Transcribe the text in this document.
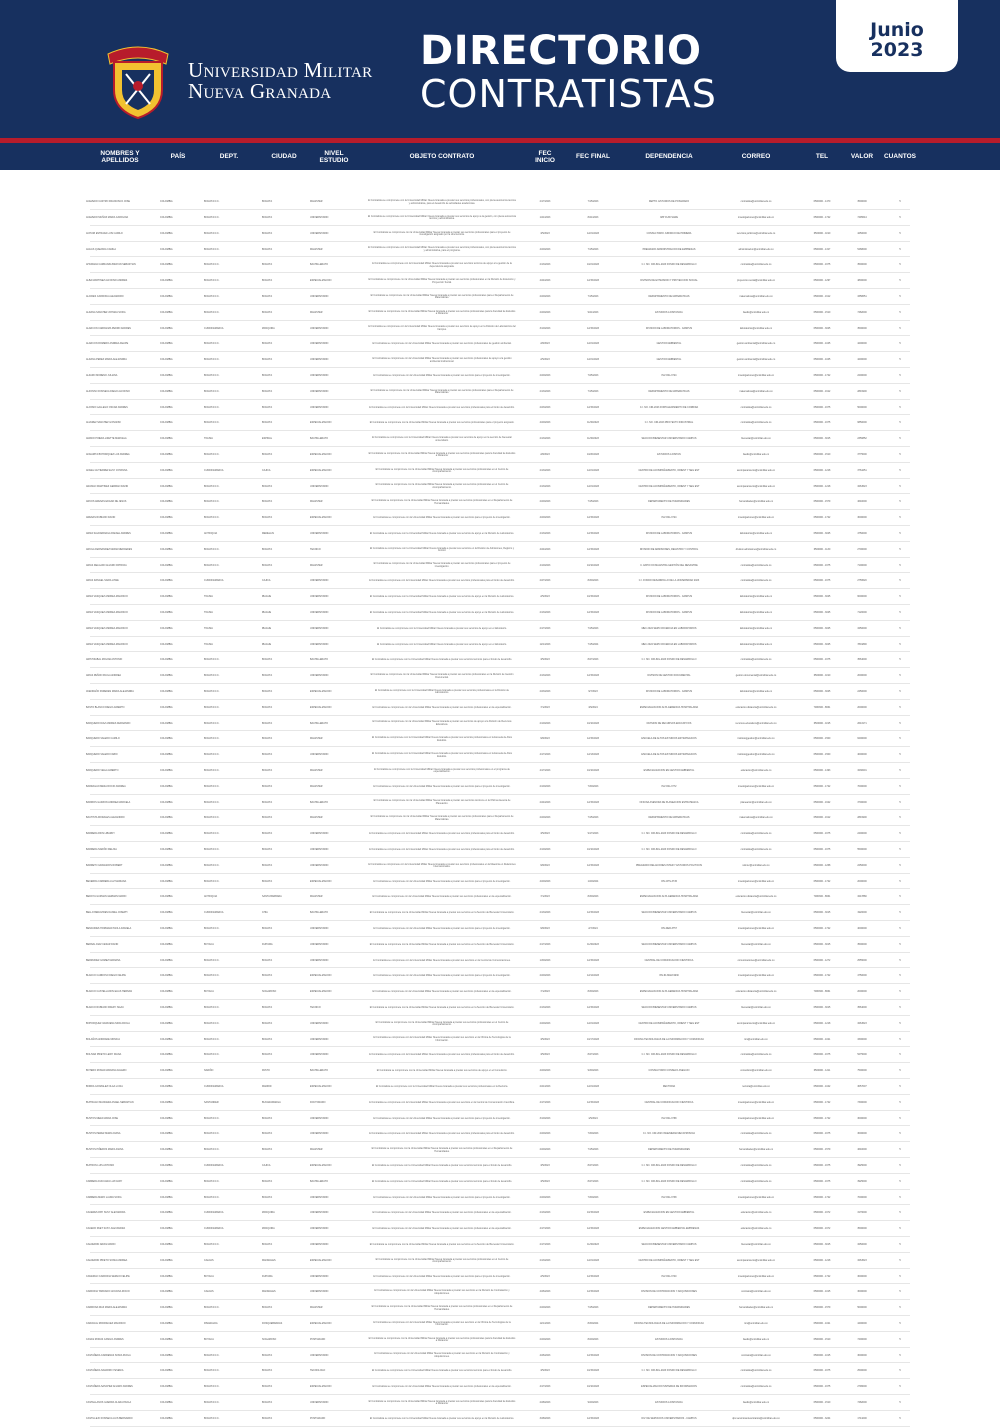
Universidad Militar
Nueva Granada
DIRECTORIO
CONTRATISTAS
Junio
2023
NOMBRES Y APELLIDOS	PAÍS	DEPT.	CIUDAD	NIVEL ESTUDIO	OBJETO CONTRATO	FEC INICIO	FEC FINAL	DEPENDENCIA	CORREO	TEL	VALOR	CUANTOS
ACEVEDO CASTRO FRANCISCO JOSE	COLOMBIA	BOGOTA D.C.	BOGOTA	MAGISTER	El Contratista se compromete con la Universidad Militar Nueva Granada a prestar sus servicios profesionales, con plena autonomía técnica y administrativa, para el desarrollo de actividades académicas.	2/17/2023	7/15/2023	DEPTO. ESTUDIOS DE POSGRADO	contratista@unimilitar.edu.co	6500000 - 1470	3500000	5
ACEVEDO MUÑOZ MARIA CAROLINA	COLOMBIA	BOGOTA D.C.	BOGOTA	UNIVERSITARIO	El Contratista se compromete con la Universidad Militar Nueva Granada a prestar sus servicios de apoyo a la gestión, con plena autonomía técnica y administrativa.	1/21/2023	8/21/2023	IMP CUID SARE	investigaciones@unimilitar.edu.co	6500000 - 1722	7495644	5
ACHURI ESTRADA LUIS CAMILO	COLOMBIA	BOGOTA D.C.	BOGOTA	UNIVERSITARIO	El Contratista se compromete con la Universidad Militar Nueva Granada a prestar sus servicios profesionales para el proyecto de investigación asignado por la vicerrectoría.	3/5/2023	12/21/2023	CONSULTORIO JURIDICO DE PRIMERA	servicios.juridicos@unimilitar.edu.co	6500000 - 1190	4250000	5
AGUAS QUEZADA CAMILA	COLOMBIA	BOGOTA D.C.	BOGOTA	MAGISTER	El Contratista se compromete con la Universidad Militar Nueva Granada a prestar sus servicios profesionales, con plena autonomía técnica y administrativa, para el programa.	4/20/2023	7/15/2023	PREGRADO ADMINISTRACION DE EMPRESAS	administracion@unimilitar.edu.co	6500000 - 1317	5468000	5
AHUMADA CARRANZA BRAYAN SEBASTIAN	COLOMBIA	BOGOTA D.C.	BOGOTA	BACHILLERATO	El Contratista se compromete con la Universidad Militar Nueva Granada a prestar sus servicios técnicos de apoyo a la gestión de la dependencia asignada.	2/13/2023	10/21/2023	C.I. NO. CIR-ING-2023 FONDO DE DESARROLLO	contratista@unimilitar.edu.co	6500000 - 1675	3500000	5
ALBA MARTINEZ ALFONSO ANDRES	COLOMBIA	BOGOTA D.C.	BOGOTA	ESPECIALIZACION	El Contratista se compromete con la Universidad Militar Nueva Granada a prestar sus servicios profesionales en la División de Extensión y Proyección Social.	4/24/2023	12/15/2023	DIVISION DE EXTENSION Y PROYECCION SOCIAL	proyeccion.social@unimilitar.edu.co	6500000 - 1297	4800000	5
ALCIDES CARDONA ALEJANDRO	COLOMBIA	BOGOTA D.C.	BOGOTA	UNIVERSITARIO	El Contratista se compromete con la Universidad Militar Nueva Granada a prestar sus servicios profesionales para el Departamento de Matemáticas.	2/20/2023	7/15/2023	DEPARTAMENTO DE MATEMATICAS	matematicas@unimilitar.edu.co	6500000 - 1612	3358651	5
ALDANA SANCHEZ JOHANA SOFIA	COLOMBIA	BOGOTA D.C.	BOGOTA	MAGISTER	El Contratista se compromete con la Universidad Militar Nueva Granada a prestar sus servicios profesionales para la Facultad de Estudios a Distancia.	2/20/2023	9/21/2023	ESTUDIOS A DISTANCIA	faedis@unimilitar.edu.co	6500000 - 1510	7482000	5
ALARCON CARRANZA PEDRO ANDRES	COLOMBIA	CUNDINAMARCA	ZIPAQUIRA	UNIVERSITARIO	El Contratista se compromete con la Universidad Militar Nueva Granada a prestar sus servicios de apoyo en la División de Laboratorios del Campus.	3/10/2023	12/15/2023	DIVISION DE LABORATORIOS - CAMPUS	laboratorios@unimilitar.edu.co	6500000 - 3025	3500000	5
ALARCON ROMERO ANDREA FELIPE	COLOMBIA	BOGOTA D.C.	BOGOTA	UNIVERSITARIO	El Contratista se compromete con la Universidad Militar Nueva Granada a prestar sus servicios profesionales de gestión ambiental.	2/8/2023	12/21/2023	GESTION AMBIENTAL	gestion.ambiental@unimilitar.edu.co	6500000 - 1045	4200000	5
ALDANA PEREZ MARIA ALEJANDRA	COLOMBIA	BOGOTA D.C.	BOGOTA	UNIVERSITARIO	El Contratista se compromete con la Universidad Militar Nueva Granada a prestar sus servicios profesionales de apoyo a la gestión ambiental institucional.	2/5/2023	12/21/2023	GESTION AMBIENTAL	gestion.ambiental@unimilitar.edu.co	6500000 - 1045	4200000	5
ALFARO MORENO JULIANA	COLOMBIA	BOGOTA D.C.	BOGOTA	UNIVERSITARIO	El Contratista se compromete con la Universidad Militar Nueva Granada a prestar sus servicios para el proyecto de investigación.	2/20/2023	7/25/2023	INV-ING-3724	investigaciones@unimilitar.edu.co	6500000 - 1722	2200000	5
ALFONSO FONSECA DIEGO ALFONSO	COLOMBIA	BOGOTA D.C.	BOGOTA	UNIVERSITARIO	El Contratista se compromete con la Universidad Militar Nueva Granada a prestar sus servicios profesionales para el Departamento de Matemáticas.	2/13/2023	7/15/2023	DEPARTAMENTO DE MATEMATICAS	matematicas@unimilitar.edu.co	6500000 - 1612	2891900	5
ALONSO GALLEGO OSCAR ANDRES	COLOMBIA	BOGOTA D.C.	BOGOTA	UNIVERSITARIO	El Contratista se compromete con la Universidad Militar Nueva Granada a prestar sus servicios profesionales para el fondo de desarrollo.	2/23/2023	12/15/2023	C.I. NO. CIR-2023 FORTALECIMIENTO DE CORRIDA	contratista@unimilitar.edu.co	6500000 - 1675	5000000	5
ALVAREZ SANCHEZ GIOVANNI	COLOMBIA	BOGOTA D.C.	BOGOTA	ESPECIALIZACION	El Contratista se compromete con la Universidad Militar Nueva Granada a prestar sus servicios profesionales para el proyecto asignado.	4/20/2023	11/30/2023	C.I. NO. CIR-2023 PROYECTO INDUSTRIAL	contratista@unimilitar.edu.co	6500000 - 1675	6850000	5
AMADO PINEDA LIZETTE MARCELA	COLOMBIA	TOLIMA	ESPINAL	BACHILLERATO	El Contratista se compromete con la Universidad Militar Nueva Granada a prestar sus servicios de apoyo en la sección de bienestar universitario.	2/13/2023	11/30/2023	SECCION BIENESTAR UNIVERSITARIO CAMPUS	bienestar@unimilitar.edu.co	6500000 - 3015	2356852	5
ANGARITA BOHORQUEZ LUZ ANDREA	COLOMBIA	BOGOTA D.C.	BOGOTA	ESPECIALIZACION	El Contratista se compromete con la Universidad Militar Nueva Granada a prestar sus servicios profesionales para la Facultad de Estudios a Distancia.	2/8/2023	10/20/2023	ESTUDIOS A DISTAN	faedis@unimilitar.edu.co	6500000 - 1510	3775000	5
ANGEL GUTIERREZ ELSY JOHANNA	COLOMBIA	CUNDINAMARCA	CAJICA	ESPECIALIZACION	El Contratista se compromete con la Universidad Militar Nueva Granada a prestar sus servicios profesionales en el Centro de Acompañamiento.	2/13/2023	12/21/2023	CENTRO DE ACOMPAÑAMIENTO, ORIENT Y SEG EST	acompanamiento@unimilitar.edu.co	6500000 - 1218	3764251	5
ARANGO MARTINEZ GERMAN DAVID	COLOMBIA	BOGOTA D.C.	BOGOTA	UNIVERSITARIO	El Contratista se compromete con la Universidad Militar Nueva Granada a prestar sus servicios profesionales en el Centro de Acompañamiento.	2/13/2023	12/21/2023	CENTRO DE ACOMPAÑAMIENTO, ORIENT Y SEG EST	acompanamiento@unimilitar.edu.co	6500000 - 1218	3264523	5
ARCOS ARENAS EDGAR DE JESUS	COLOMBIA	BOGOTA D.C.	BOGOTA	MAGISTER	El Contratista se compromete con la Universidad Militar Nueva Granada a prestar sus servicios profesionales en el Departamento de Humanidades.	2/20/2023	7/15/2023	DEPARTAMENTO DE HUMANIDADES	humanidades@unimilitar.edu.co	6500000 - 1579	4640000	5
ARENAS RUBIANO DAVID	COLOMBIA	BOGOTA D.C.	BOGOTA	ESPECIALIZACION	El Contratista se compromete con la Universidad Militar Nueva Granada a prestar sus servicios para el proyecto de investigación.	4/20/2023	12/15/2023	INV-ING-3724	investigaciones@unimilitar.edu.co	6500000 - 1722	3000000	5
ARIZA SALDARRIAGA RAFAEL ANDRES	COLOMBIA	ANTIOQUIA	MEDELLIN	UNIVERSITARIO	El Contratista se compromete con la Universidad Militar Nueva Granada a prestar sus servicios de apoyo en la División de Laboratorios.	2/13/2023	12/15/2023	DIVISION DE LABORATORIOS - CAMPUS	laboratorios@unimilitar.edu.co	6500000 - 3025	4750000	5
ARCILA FERNANDEZ MARIA MERCEDES	COLOMBIA	BOGOTA D.C.	BOGOTA	TECNICO	El Contratista se compromete con la Universidad Militar Nueva Granada a prestar sus servicios en la División de Admisiones, Registro y Control.	4/24/2023	12/15/2023	DIVISION DE ADMISIONES, REGISTRO Y CONTROL	division.admisiones@unimilitar.edu.co	6500000 - 1130	2700000	5
ARIAS DELGADO ALVARO PATRICIA	COLOMBIA	BOGOTA D.C.	BOGOTA	MAGISTER	El Contratista se compromete con la Universidad Militar Nueva Granada a prestar sus servicios profesionales para el proyecto de investigación.	4/10/2023	10/10/2023	C. EXPO FIN MAGISTRA GESTIÓN DEL DESASTRE	contratista@unimilitar.edu.co	6500000 - 1675	7100000	5
ARIAS RANGEL SAIRA LISSE	COLOMBIA	CUNDINAMARCA	CAJICA	UNIVERSITARIO	El Contratista se compromete con la Universidad Militar Nueva Granada a prestar sus servicios profesionales para el fondo de desarrollo.	2/27/2023	8/30/2023	C.I. FONDO DESARROLLO DE LA UNIVERSIDAD 2023	contratista@unimilitar.edu.co	6500000 - 1675	2759520	5
ARIZA VASQUEZ ANDREA MAURICIO	COLOMBIA	TOLIMA	IBAGUE	UNIVERSITARIO	El Contratista se compromete con la Universidad Militar Nueva Granada a prestar sus servicios de apoyo en la División de Laboratorios.	2/5/2023	10/15/2023	DIVISION DE LABORATORIOS - CAMPUS	laboratorios@unimilitar.edu.co	6500000 - 3025	6000000	5
ARIZA VASQUEZ ANDREA MAURICIO	COLOMBIA	TOLIMA	IBAGUE	UNIVERSITARIO	El Contratista se compromete con la Universidad Militar Nueva Granada a prestar sus servicios de apoyo en la División de Laboratorios.	2/13/2023	12/15/2023	DIVISION DE LABORATORIOS - CAMPUS	laboratorios@unimilitar.edu.co	6500000 - 3025	7120000	5
ARIZA VASQUEZ ANDREA MAURICIO	COLOMBIA	TOLIMA	IBAGUE	UNIVERSITARIO	El Contratista se compromete con la Universidad Militar Nueva Granada a prestar sus servicios de apoyo en el laboratorio.	2/17/2023	7/15/2023	MEC 2024 SERV DOCENCIA EN LABORATORIOS	laboratorios@unimilitar.edu.co	6500000 - 3025	3450000	5
ARIZA VASQUEZ ANDREA MAURICIO	COLOMBIA	TOLIMA	IBAGUE	UNIVERSITARIO	El Contratista se compromete con la Universidad Militar Nueva Granada a prestar sus servicios de apoyo en el laboratorio.	12/1/2023	7/15/2024	MEC 2024 SERV DOCENCIA EN LABORATORIOS	laboratorios@unimilitar.edu.co	6500000 - 3025	7801890	5
ARISTIZABAL MOLINA ANTONIO	COLOMBIA	BOGOTA D.C.	BOGOTA	BACHILLERATO	El Contratista se compromete con la Universidad Militar Nueva Granada a prestar sus servicios técnicos para el fondo de desarrollo.	3/5/2023	8/27/2023	C.I. NO. CIR-ING-2023 FONDO DE DESARROLLO	contratista@unimilitar.edu.co	6500000 - 1675	3564000	5
ARIAS PEÑON PAULA ANDREA	COLOMBIA	BOGOTA D.C.	BOGOTA	UNIVERSITARIO	El Contratista se compromete con la Universidad Militar Nueva Granada a prestar sus servicios profesionales en la División de Gestión Documental.	4/13/2023	12/15/2023	DIVISION DE GESTION DOCUMENTAL	gestion.documental@unimilitar.edu.co	6500000 - 1190	2000000	5
AVENDAÑO PAREDES MARIA ALEJANDRA	COLOMBIA	BOGOTA D.C.	BOGOTA	ESPECIALIZACION	El Contratista se compromete con la Universidad Militar Nueva Granada a prestar sus servicios profesionales en la División de Laboratorios.	2/23/2023	9/7/2023	DIVISION DE LABORATORIOS - CAMPUS	laboratorios@unimilitar.edu.co	6500000 - 3025	2450000	5
BASTO BLANCO DIEGO ALBERTO	COLOMBIA	BOGOTA D.C.	BOGOTA	ESPECIALIZACION	El Contratista se compromete con la Universidad Militar Nueva Granada a prestar sus servicios profesionales en la especialización.	7/1/2023	3/9/2024	ESPECIALIZACION ALTA GERENCIA HOSPITALARIA	educacion.distancia@unimilitar.edu.co	7480300 - 8661	2000000	5
BARQUERO DIAZ ANDRES FERNANDO	COLOMBIA	BOGOTA D.C.	BOGOTA	BACHILLERATO	El Contratista se compromete con la Universidad Militar Nueva Granada a prestar sus servicios de apoyo a la División de Recursos Educativos.	2/10/2023	10/10/2023	DIVISION DE RECURSOS EDUCATIVOS	recursos.educativos@unimilitar.edu.co	6500000 - 1195	2643171	5
BARQUERO VALERO CAMILO	COLOMBIA	BOGOTA D.C.	BOGOTA	MAGISTER	El Contratista se compromete con la Universidad Militar Nueva Granada a prestar sus servicios profesionales en la Escuela de Altos Estudios.	6/8/2023	12/15/2023	ESCUELA DE ALTOS ESTUDIOS ESTRATEGICOS	institutoggestion@unimilitar.edu.co	6500000 - 1500	6200000	5
BARQUERO VALERO FABIO	COLOMBIA	BOGOTA D.C.	BOGOTA	UNIVERSITARIO	El Contratista se compromete con la Universidad Militar Nueva Granada a prestar sus servicios profesionales en la Escuela de Altos Estudios.	4/17/2023	12/13/2023	ESCUELA DE ALTOS ESTUDIOS ESTRATEGICOS	institutoggestion@unimilitar.edu.co	6500000 - 1500	4000000	5
BARQUERO VEGA ALBERTO	COLOMBIA	BOGOTA D.C.	BOGOTA	MAGISTER	El Contratista se compromete con la Universidad Militar Nueva Granada a prestar sus servicios profesionales en el programa de especialización.	4/17/2023	10/10/2023	ESPECIALIZACION EN GESTION AMBIENTAL	educacion@unimilitar.edu.co	6500000 - 1493	3238201	5
BARRAGAN MESA ROCIO ANDREA	COLOMBIA	BOGOTA D.C.	BOGOTA	MAGISTER	El Contratista se compromete con la Universidad Militar Nueva Granada a prestar sus servicios para el proyecto de investigación.	2/10/2023	7/30/2023	INV-ING-3772	investigaciones@unimilitar.edu.co	6500000 - 1722	7000000	5
BARRIOS GARZON ANDREA MARCELA	COLOMBIA	BOGOTA D.C.	BOGOTA	BACHILLERATO	El Contratista se compromete con la Universidad Militar Nueva Granada a prestar sus servicios técnicos en la Oficina Asesora de Planeación.	2/24/2023	12/15/2023	OFICINA ASESORA DE PLANEACION ESTRATEGICA	planeacion@unimilitar.edu.co	6500000 - 1622	3700000	5
BAUTISTA MORALES ALEJANDRO	COLOMBIA	BOGOTA D.C.	BOGOTA	MAGISTER	El Contratista se compromete con la Universidad Militar Nueva Granada a prestar sus servicios profesionales para el Departamento de Matemáticas.	2/20/2023	7/15/2023	DEPARTAMENTO DE MATEMATICAS	matematicas@unimilitar.edu.co	6500000 - 1612	2891900	5
BARRERA RIOS LIBARDY	COLOMBIA	BOGOTA D.C.	BOGOTA	UNIVERSITARIO	El Contratista se compromete con la Universidad Militar Nueva Granada a prestar sus servicios profesionales para el fondo de desarrollo.	3/5/2023	9/17/2023	C.I. NO. CIR-ING-2023 FONDO DE DESARROLLO	contratista@unimilitar.edu.co	6500000 - 1675	2400000	5
BARRERA NARIÑO MELISA	COLOMBIA	BOGOTA D.C.	BOGOTA	UNIVERSITARIO	El Contratista se compromete con la Universidad Militar Nueva Granada a prestar sus servicios profesionales para el fondo de desarrollo.	4/10/2023	10/10/2023	C.I. NO. CIR-ING-2023 FONDO DE DESARROLLO	contratista@unimilitar.edu.co	6500000 - 1675	5500000	5
BARRETO GRANADOS ROBERT	COLOMBIA	BOGOTA D.C.	BOGOTA	UNIVERSITARIO	El Contratista se compromete con la Universidad Militar Nueva Granada a prestar sus servicios profesionales en la Maestría en Relaciones Internacionales.	6/8/2023	12/15/2023	PREGRADO RELACIONES INTER Y ESTUDIOS POLITICOS	relinter@unimilitar.edu.co	6500000 - 1268	2250000	5
BECERRA CABRERA LUZ MARIANA	COLOMBIA	BOGOTA D.C.	BOGOTA	ESPECIALIZACION	El Contratista se compromete con la Universidad Militar Nueva Granada a prestar sus servicios para el proyecto de investigación.	4/20/2023	1/20/2024	INV-CHS-3745	investigaciones@unimilitar.edu.co	6500000 - 1722	2000000	5
BEDOYA GUZMAN GERMAN MARIO	COLOMBIA	ANTIOQUIA	SANTA BARBARA	MAGISTER	El Contratista se compromete con la Universidad Militar Nueva Granada a prestar sus servicios profesionales en la especialización.	7/1/2023	8/30/2023	ESPECIALIZACION ALTA GERENCIA HOSPITALARIA	educacion.distancia@unimilitar.edu.co	7480300 - 8661	3247880	5
BELLO BENAVIDES DANIEL JOSEPH	COLOMBIA	CUNDINAMARCA	CHIA	BACHILLERATO	El Contratista se compromete con la Universidad Militar Nueva Granada a prestar sus servicios en la Sección de Bienestar Universitario.	2/13/2023	12/15/2023	SECCION BIENESTAR UNIVERSITARIO CAMPUS	bienestar@unimilitar.edu.co	6500000 - 3015	1920000	5
BENAVIDES HORMAZA PAOLA DANIELA	COLOMBIA	BOGOTA D.C.	BOGOTA	UNIVERSITARIO	El Contratista se compromete con la Universidad Militar Nueva Granada a prestar sus servicios para el proyecto de investigación.	6/8/2023	2/7/2024	INV-DER-3757	investigaciones@unimilitar.edu.co	6500000 - 1722	4000000	5
BERNAL DIAZ CESAR DAVID	COLOMBIA	BOYACA	DUITAMA	UNIVERSITARIO	El Contratista se compromete con la Universidad Militar Nueva Granada a prestar sus servicios en la Sección de Bienestar Universitario.	2/17/2023	11/30/2023	SECCION BIENESTAR UNIVERSITARIO CAMPUS	bienestar@unimilitar.edu.co	6500000 - 3015	3500000	5
BERMUDEZ GOMEZ MARIANA	COLOMBIA	BOGOTA D.C.	BOGOTA	UNIVERSITARIO	El Contratista se compromete con la Universidad Militar Nueva Granada a prestar sus servicios en la Central de Comunicaciones.	1/30/2023	12/15/2023	CENTRAL DE COMUNICACION CIENTIFICA	comunicaciones@unimilitar.edu.co	6500000 - 1272	2555000	5
BLANCO CARDOSO DIEGO FELIPE	COLOMBIA	BOGOTA D.C.	BOGOTA	ESPECIALIZACION	El Contratista se compromete con la Universidad Militar Nueva Granada a prestar sus servicios para el proyecto de investigación.	2/20/2023	12/12/2023	INV-ID-MAM-9930	investigaciones@unimilitar.edu.co	6500000 - 1722	4750000	5
BLANCO CASTELLANOS ELIAS HERNAN	COLOMBIA	BOYACA	SOGAMOSO	ESPECIALIZACION	El Contratista se compromete con la Universidad Militar Nueva Granada a prestar sus servicios profesionales en la especialización.	7/1/2023	8/30/2023	ESPECIALIZACION ALTA GERENCIA HOSPITALARIA	educacion.distancia@unimilitar.edu.co	7480300 - 8661	2000000	5
BLANCO RUBIANO FREDY ISAAC	COLOMBIA	BOGOTA D.C.	BOGOTA	TECNICO	El Contratista se compromete con la Universidad Militar Nueva Granada a prestar sus servicios en la Sección de Bienestar Universitario.	2/13/2023	12/15/2023	SECCION BIENESTAR UNIVERSITARIO CAMPUS	bienestar@unimilitar.edu.co	6500000 - 3015	3564000	5
BOHORQUEZ VALBUENA NIDIA PAOLA	COLOMBIA	BOGOTA D.C.	BOGOTA	UNIVERSITARIO	El Contratista se compromete con la Universidad Militar Nueva Granada a prestar sus servicios profesionales en el Centro de Acompañamiento.	2/20/2023	12/21/2023	CENTRO DE ACOMPAÑAMIENTO, ORIENT Y SEG EST	acompanamiento@unimilitar.edu.co	6500000 - 1218	3264523	5
BOLAÑOS ANDRADE MONICA	COLOMBIA	BOGOTA D.C.	BOGOTA	UNIVERSITARIO	El Contratista se compromete con la Universidad Militar Nueva Granada a prestar sus servicios en la Oficina de Tecnologías de la Información.	3/5/2023	10/17/2023	OFICINA TECNOLOGIAS DE LA INFORMACION Y COMUNICAC	tics@unimilitar.edu.co	6500000 - 1021	3300000	5
BOLIVAR PRIETO LEIDY DIANA	COLOMBIA	BOGOTA D.C.	BOGOTA	UNIVERSITARIO	El Contratista se compromete con la Universidad Militar Nueva Granada a prestar sus servicios profesionales para el fondo de desarrollo.	3/5/2023	8/27/2023	C.I. NO. CIR-ING-2023 FONDO DE DESARROLLO	contratista@unimilitar.edu.co	6500000 - 1675	5275000	5
BOTERO RONZA MARIANA FALERO	COLOMBIA	NARIÑO	PASTO	BACHILLERATO	El Contratista se compromete con la Universidad Militar Nueva Granada a prestar sus servicios de apoyo en el Consultorio.	4/20/2023	9/30/2023	CONSULTORIO CONSEJO ASEGUIO	consultorio@unimilitar.edu.co	6500000 - 1211	7500000	5
BORDA GONZALEZ OLGA LUCIA	COLOMBIA	CUNDINAMARCA	MADRID	ESPECIALIZACION	El Contratista se compromete con la Universidad Militar Nueva Granada a prestar sus servicios profesionales en la Rectoría.	2/21/2023	12/21/2023	RECTORIA	rectoria@unimilitar.edu.co	6500000 - 1042	3057007	5
BUITRAGO MANCERA ANGEL SEBASTIAN	COLOMBIA	SANTANDER	BUCARAMANGA	DOCTORADO	El Contratista se compromete con la Universidad Militar Nueva Granada a prestar sus servicios en la Central de Comunicación Científica.	4/17/2023	12/15/2023	CENTRAL DE COMUNICACION CIENTIFICA	investigaciones@unimilitar.edu.co	6500000 - 1722	7300000	5
BUSTOS MEZA MARIA JOSE	COLOMBIA	BOGOTA D.C.	BOGOTA	UNIVERSITARIO	El Contratista se compromete con la Universidad Militar Nueva Granada a prestar sus servicios para el proyecto de investigación.	3/10/2023	1/5/2024	INV-ING-3768	investigaciones@unimilitar.edu.co	6500000 - 1722	3000000	5
BUSTOS PEREZ MARIA DIANA	COLOMBIA	BOGOTA D.C.	BOGOTA	UNIVERSITARIO	El Contratista se compromete con la Universidad Militar Nueva Granada a prestar sus servicios profesionales para el fondo de desarrollo.	2/20/2023	7/30/2023	C.I. NO. CIR-2023 INGENIERIA MECATRONICA	contratista@unimilitar.edu.co	6500000 - 1675	3000000	5
BUSTOS PIÑEROS MARIA DIANA	COLOMBIA	BOGOTA D.C.	BOGOTA	MAGISTER	El Contratista se compromete con la Universidad Militar Nueva Granada a prestar sus servicios profesionales en el Departamento de Humanidades.	2/20/2023	7/15/2023	DEPARTAMENTO DE HUMANIDADES	humanidades@unimilitar.edu.co	6500000 - 1579	4640000	5
BUITRON LUIS ANTONIO	COLOMBIA	CUNDINAMARCA	CAJICA	ESPECIALIZACION	El Contratista se compromete con la Universidad Militar Nueva Granada a prestar sus servicios técnicos para el fondo de desarrollo.	3/5/2023	8/27/2023	C.I. NO. CIR-ING-2023 FONDO DE DESARROLLO	contratista@unimilitar.edu.co	6500000 - 1675	3925000	5
CABRERA DUCUARA LUZ DARY	COLOMBIA	BOGOTA D.C.	BOGOTA	BACHILLERATO	El Contratista se compromete con la Universidad Militar Nueva Granada a prestar sus servicios técnicos para el fondo de desarrollo.	3/5/2023	8/27/2023	C.I. NO. CIR-ING-2023 FONDO DE DESARROLLO	contratista@unimilitar.edu.co	6500000 - 1675	3925000	5
CABRERA MARO LAURA SOFIA	COLOMBIA	BOGOTA D.C.	BOGOTA	UNIVERSITARIO	El Contratista se compromete con la Universidad Militar Nueva Granada a prestar sus servicios para el proyecto de investigación.	2/20/2023	7/30/2023	INV-ING-3738	investigaciones@unimilitar.edu.co	6500000 - 1722	7000000	5
CACERES PATI SUSY ALEXANDRA	COLOMBIA	CUNDINAMARCA	ZIPAQUIRA	UNIVERSITARIO	El Contratista se compromete con la Universidad Militar Nueva Granada a prestar sus servicios profesionales en la especialización.	2/13/2023	10/15/2023	ESPECIALIZACION EN GESTION AMBIENTAL	educacion@unimilitar.edu.co	6500000 - 1672	3176000	5
CACEDO PAET SUSY ALEXANDRA	COLOMBIA	CUNDINAMARCA	ZIPAQUIRA	UNIVERSITARIO	El Contratista se compromete con la Universidad Militar Nueva Granada a prestar sus servicios profesionales en la especialización.	4/17/2023	12/15/2023	ESPECIALIZACION GESTION AMBIENTAL EMPRESAS	educacion@unimilitar.edu.co	6500000 - 1672	3500000	5
CALDERON ARIAS MARIO	COLOMBIA	BOGOTA D.C.	BOGOTA	UNIVERSITARIO	El Contratista se compromete con la Universidad Militar Nueva Granada a prestar sus servicios en la Sección de Bienestar Universitario.	2/17/2023	11/30/2023	SECCION BIENESTAR UNIVERSITARIO CAMPUS	bienestar@unimilitar.edu.co	6500000 - 3015	3250000	5
CALDERON PRIETO SONIA ANDREA	COLOMBIA	CALDAS	MANIZALES	ESPECIALIZACION	El Contratista se compromete con la Universidad Militar Nueva Granada a prestar sus servicios profesionales en el Centro de Acompañamiento.	2/13/2023	12/21/2023	CENTRO DE ACOMPAÑAMIENTO, ORIENT Y SEG EST	acompanamiento@unimilitar.edu.co	6500000 - 1218	3264523	5
CAMARGO CARDONA SERGIO FELIPE	COLOMBIA	BOYACA	DUITAMA	UNIVERSITARIO	El Contratista se compromete con la Universidad Militar Nueva Granada a prestar sus servicios para el proyecto de investigación.	2/5/2023	12/15/2023	INV-ING-3740	investigaciones@unimilitar.edu.co	6500000 - 1722	3000000	5
CARDONA TABOADO GIOVANA ROCIO	COLOMBIA	CALDAS	MANIZALES	UNIVERSITARIO	El Contratista se compromete con la Universidad Militar Nueva Granada a prestar sus servicios en la División de Contratación y Adquisiciones.	4/26/2023	12/15/2023	DIVISION DE CONTRATACION Y ADQUISICIONES	contratos@unimilitar.edu.co	6500000 - 1015	3000000	5
CARMONA DIAZ MARIA ALEJANDRA	COLOMBIA	BOGOTA D.C.	BOGOTA	MAGISTER	El Contratista se compromete con la Universidad Militar Nueva Granada a prestar sus servicios profesionales en el Departamento de Humanidades.	2/20/2023	7/15/2023	DEPARTAMENTO DE HUMANIDADES	humanidades@unimilitar.edu.co	6500000 - 1579	5000000	5
CARVAJAL RODRIGUEZ MAURICIO	COLOMBIA	RISARALDA	DOSQUEBRADAS	ESPECIALIZACION	El Contratista se compromete con la Universidad Militar Nueva Granada a prestar sus servicios en la Oficina de Tecnologías de la Información.	12/1/2023	8/30/2024	OFICINA TECNOLOGIAS DE LA INFORMACION Y COMUNICAC	tics@unimilitar.edu.co	6500000 - 1021	4400000	5
CASAS RODAS CAMILO ANDRES	COLOMBIA	BOYACA	SOGAMOSO	POSTGRADO	El Contratista se compromete con la Universidad Militar Nueva Granada a prestar sus servicios profesionales para la Facultad de Estudios a Distancia.	2/20/2023	8/20/2023	ESTUDIOS A DISTANCIA	faedis@unimilitar.edu.co	6500000 - 1510	7400000	5
CASTAÑEDA CARDENAS SONIA PAOLA	COLOMBIA	BOGOTA D.C.	BOGOTA	UNIVERSITARIO	El Contratista se compromete con la Universidad Militar Nueva Granada a prestar sus servicios en la División de Contratación y Adquisiciones.	4/26/2023	12/15/2023	DIVISION DE CONTRATACION Y ADQUISICIONES	contratos@unimilitar.edu.co	6500000 - 1015	3000000	5
CASTAÑEDA NAVARRO YESENIA	COLOMBIA	BOGOTA D.C.	BOGOTA	TECNOLOGO	El Contratista se compromete con la Universidad Militar Nueva Granada a prestar sus servicios técnicos para el fondo de desarrollo.	3/5/2023	10/15/2023	C.I. NO. CIR-ING-2023 FONDO DE DESARROLLO	contratista@unimilitar.edu.co	6500000 - 1675	2500000	5
CASTAÑEDA SANCHEZ ALVARO ANDRES	COLOMBIA	BOGOTA D.C.	BOGOTA	ESPECIALIZACION	El Contratista se compromete con la Universidad Militar Nueva Granada a prestar sus servicios profesionales en la especialización.	4/17/2023	10/10/2023	ESPECIALIZACION SISTEMAS DE INFORMACION	contratista@unimilitar.edu.co	6500000 - 1675	2796000	5
CASTELLANOS GUERRA CLARA PAOLA	COLOMBIA	BOGOTA D.C.	BOGOTA	UNIVERSITARIO	El Contratista se compromete con la Universidad Militar Nueva Granada a prestar sus servicios profesionales para la Facultad de Estudios a Distancia.	2/28/2023	9/20/2023	ESTUDIOS A DISTANCIA	faedis@unimilitar.edu.co	6500000 - 1510	7482000	5
CASTILLEJO FONSECA LUIS BERNARDO	COLOMBIA	BOGOTA D.C.	BOGOTA	POSTGRADO	El Contratista se compromete con la Universidad Militar Nueva Granada a prestar sus servicios de apoyo en la División de Laboratorios.	3/28/2023	12/15/2023	DIV. DE SERVICIOS UNIVERSITARIOS - CAMPUS	dpv.serviciosuniversitarios@unimilitar.edu.co	6500000 - 3244	1741000	5
